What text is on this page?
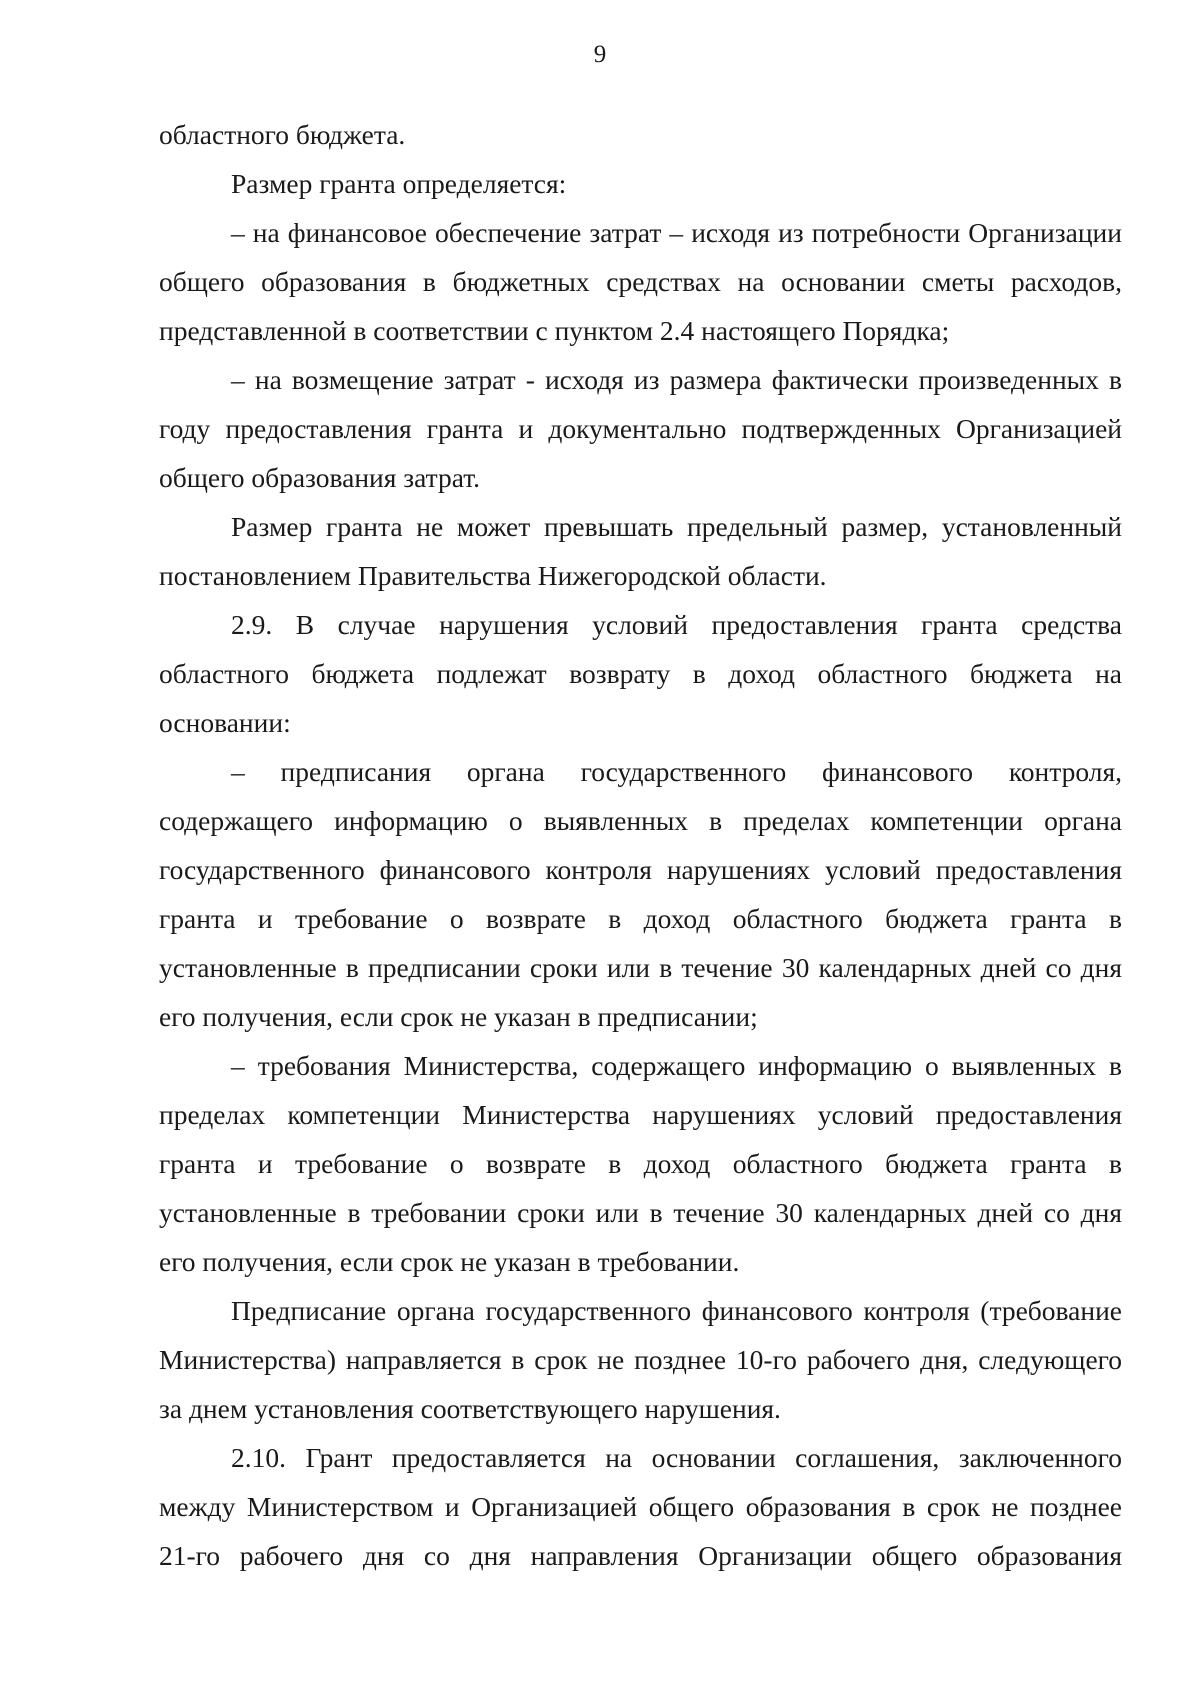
9

областного бюджета.

Размер гранта определяется:

– на финансовое обеспечение затрат – исходя из потребности Организации общего образования в бюджетных средствах на основании сметы расходов, представленной в соответствии с пунктом 2.4 настоящего Порядка;

– на возмещение затрат - исходя из размера фактически произведенных в году предоставления гранта и документально подтвержденных Организацией общего образования затрат.

Размер гранта не может превышать предельный размер, установленный постановлением Правительства Нижегородской области.

2.9. В случае нарушения условий предоставления гранта средства областного бюджета подлежат возврату в доход областного бюджета на основании:

– предписания органа государственного финансового контроля, содержащего информацию о выявленных в пределах компетенции органа государственного финансового контроля нарушениях условий предоставления гранта и требование о возврате в доход областного бюджета гранта в установленные в предписании сроки или в течение 30 календарных дней со дня его получения, если срок не указан в предписании;

– требования Министерства, содержащего информацию о выявленных в пределах компетенции Министерства нарушениях условий предоставления гранта и требование о возврате в доход областного бюджета гранта в установленные в требовании сроки или в течение 30 календарных дней со дня его получения, если срок не указан в требовании.

Предписание органа государственного финансового контроля (требование Министерства) направляется в срок не позднее 10-го рабочего дня, следующего за днем установления соответствующего нарушения.

2.10. Грант предоставляется на основании соглашения, заключенного между Министерством и Организацией общего образования в срок не позднее 21-го рабочего дня со дня направления Организации общего образования
